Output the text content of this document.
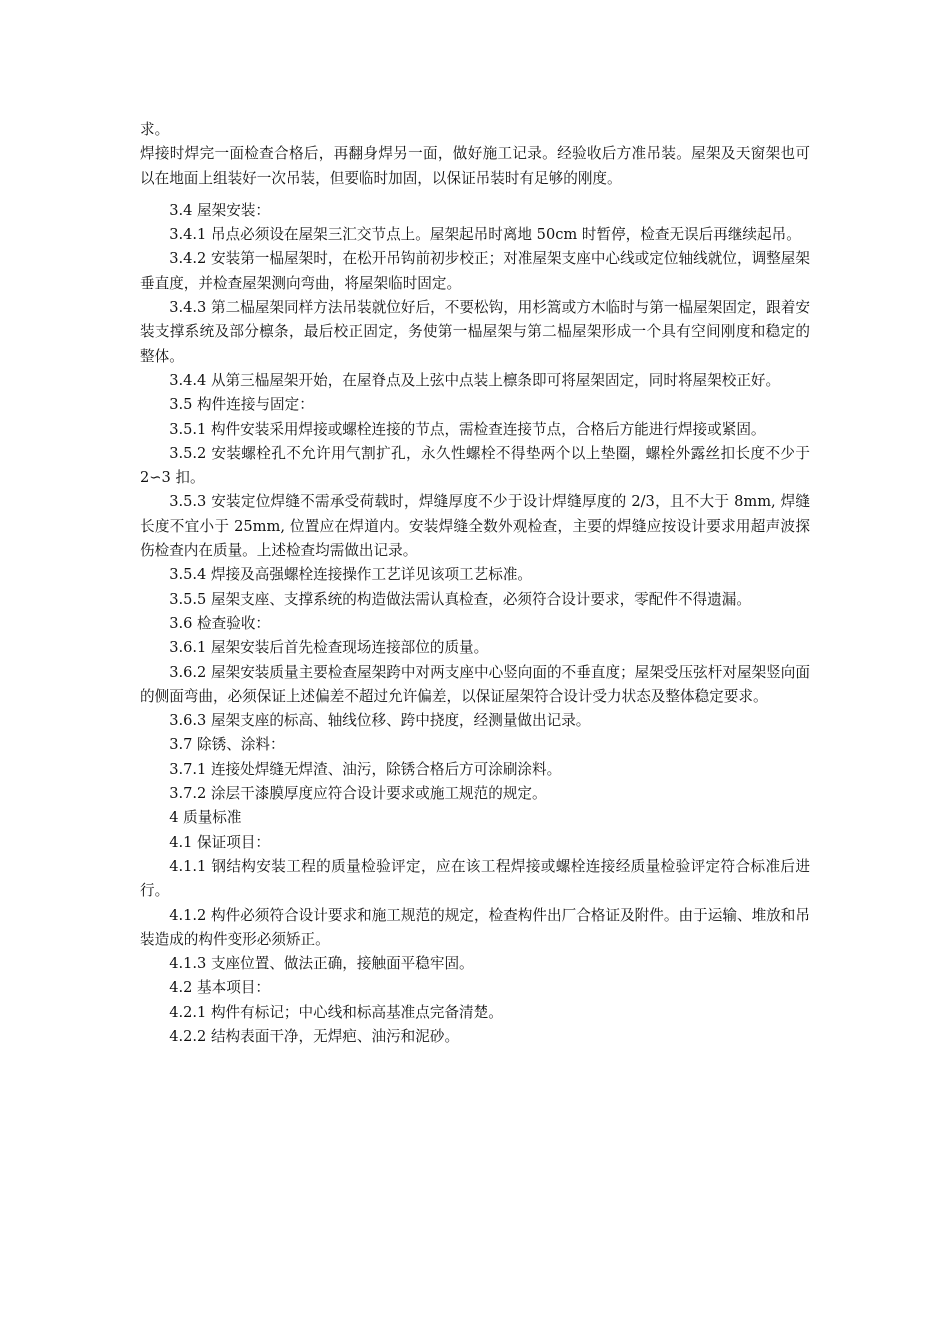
求。

焊接时焊完一面检查合格后，再翻身焊另一面，做好施工记录。经验收后方准吊装。屋架及天窗架也可以在地面上组装好一次吊装，但要临时加固，以保证吊装时有足够的刚度。

3.4 屋架安装：

3.4.1 吊点必须设在屋架三汇交节点上。屋架起吊时离地 50cm 时暂停，检查无误后再继续起吊。

3.4.2 安装第一榀屋架时，在松开吊钩前初步校正；对准屋架支座中心线或定位轴线就位，调整屋架垂直度，并检查屋架测向弯曲，将屋架临时固定。

3.4.3 第二榀屋架同样方法吊装就位好后，不要松钩，用杉篙或方木临时与第一榀屋架固定，跟着安装支撑系统及部分檩条，最后校正固定，务使第一榀屋架与第二榀屋架形成一个具有空间刚度和稳定的整体。

3.4.4 从第三榀屋架开始，在屋脊点及上弦中点装上檩条即可将屋架固定，同时将屋架校正好。

3.5 构件连接与固定：

3.5.1 构件安装采用焊接或螺栓连接的节点，需检查连接节点，合格后方能进行焊接或紧固。

3.5.2 安装螺栓孔不允许用气割扩孔，永久性螺栓不得垫两个以上垫圈，螺栓外露丝扣长度不少于 2∽3 扣。

3.5.3 安装定位焊缝不需承受荷载时，焊缝厚度不少于设计焊缝厚度的 2/3，且不大于 8mm, 焊缝长度不宜小于 25mm, 位置应在焊道内。安装焊缝全数外观检查，主要的焊缝应按设计要求用超声波探伤检查内在质量。上述检查均需做出记录。

3.5.4 焊接及高强螺栓连接操作工艺详见该项工艺标准。

3.5.5 屋架支座、支撑系统的构造做法需认真检查，必须符合设计要求，零配件不得遗漏。

3.6 检查验收：

3.6.1 屋架安装后首先检查现场连接部位的质量。

3.6.2 屋架安装质量主要检查屋架跨中对两支座中心竖向面的不垂直度；屋架受压弦杆对屋架竖向面的侧面弯曲，必须保证上述偏差不超过允许偏差，以保证屋架符合设计受力状态及整体稳定要求。

3.6.3 屋架支座的标高、轴线位移、跨中挠度，经测量做出记录。

3.7 除锈、涂料：

3.7.1 连接处焊缝无焊渣、油污，除锈合格后方可涂刷涂料。

3.7.2 涂层干漆膜厚度应符合设计要求或施工规范的规定。

4 质量标准

4.1 保证项目：

4.1.1 钢结构安装工程的质量检验评定，应在该工程焊接或螺栓连接经质量检验评定符合标准后进行。

4.1.2 构件必须符合设计要求和施工规范的规定，检查构件出厂合格证及附件。由于运输、堆放和吊装造成的构件变形必须矫正。

4.1.3 支座位置、做法正确，接触面平稳牢固。

4.2 基本项目：

4.2.1 构件有标记；中心线和标高基准点完备清楚。

4.2.2 结构表面干净，无焊疤、油污和泥砂。
